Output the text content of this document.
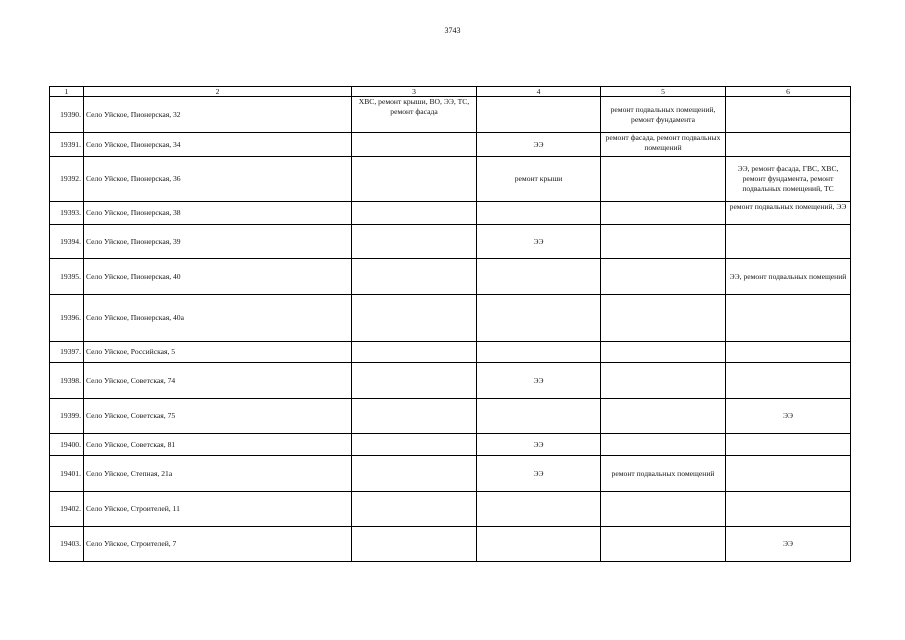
3743
1	2	3	4	5	6
19390.	Село Уйское, Пионерская, 32	ХВС, ремонт крыши, ВО, ЭЭ, ТС, ремонт фасада		ремонт подвальных помещений, ремонт фундамента	
19391.	Село Уйское, Пионерская, 34		ЭЭ	ремонт фасада, ремонт подвальных помещений	
19392.	Село Уйское, Пионерская, 36		ремонт крыши		ЭЭ, ремонт фасада, ГВС, ХВС, ремонт фундамента, ремонт подвальных помещений, ТС
19393.	Село Уйское, Пионерская, 38				ремонт подвальных помещений, ЭЭ
19394.	Село Уйское, Пионерская, 39		ЭЭ		
19395.	Село Уйское, Пионерская, 40				ЭЭ, ремонт подвальных помещений
19396.	Село Уйское, Пионерская, 40а				
19397.	Село Уйское, Российская, 5				
19398.	Село Уйское, Советская, 74		ЭЭ		
19399.	Село Уйское, Советская, 75				ЭЭ
19400.	Село Уйское, Советская, 81		ЭЭ		
19401.	Село Уйское, Степная, 21а		ЭЭ	ремонт подвальных помещений	
19402.	Село Уйское, Строителей, 11				
19403.	Село Уйское, Строителей, 7				ЭЭ
